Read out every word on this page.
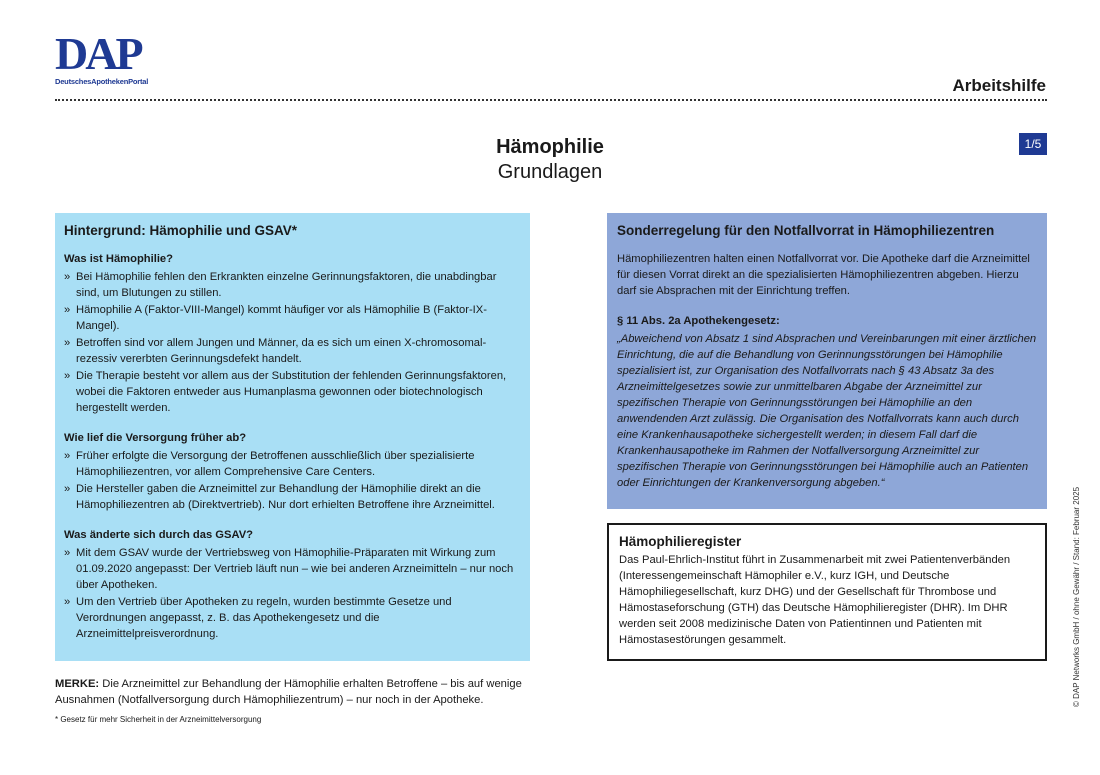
DAP
DeutschesApothekenPortal	Arbeitshilfe
Hämophilie
Grundlagen
1/5
Hintergrund: Hämophilie und GSAV*
Was ist Hämophilie?
» Bei Hämophilie fehlen den Erkrankten einzelne Gerinnungsfaktoren, die unabdingbar sind, um Blutungen zu stillen.
» Hämophilie A (Faktor-VIII-Mangel) kommt häufiger vor als Hämophilie B (Faktor-IX-Mangel).
» Betroffen sind vor allem Jungen und Männer, da es sich um einen X-chromosomal-rezessiv vererbten Gerinnungsdefekt handelt.
» Die Therapie besteht vor allem aus der Substitution der fehlenden Gerinnungsfaktoren, wobei die Faktoren entweder aus Humanplasma gewonnen oder biotechnologisch hergestellt werden.
Wie lief die Versorgung früher ab?
» Früher erfolgte die Versorgung der Betroffenen ausschließlich über spezialisierte Hämophiliezentren, vor allem Comprehensive Care Centers.
» Die Hersteller gaben die Arzneimittel zur Behandlung der Hämophilie direkt an die Hämophiliezentren ab (Direktvertrieb). Nur dort erhielten Betroffene ihre Arzneimittel.
Was änderte sich durch das GSAV?
» Mit dem GSAV wurde der Vertriebsweg von Hämophilie-Präparaten mit Wirkung zum 01.09.2020 angepasst: Der Vertrieb läuft nun – wie bei anderen Arzneimitteln – nur noch über Apotheken.
» Um den Vertrieb über Apotheken zu regeln, wurden bestimmte Gesetze und Verordnungen angepasst, z. B. das Apothekengesetz und die Arzneimittelpreisverordnung.
Sonderregelung für den Notfallvorrat in Hämophiliezentren
Hämophiliezentren halten einen Notfallvorrat vor. Die Apotheke darf die Arzneimittel für diesen Vorrat direkt an die spezialisierten Hämophiliezentren abgeben. Hierzu darf sie Absprachen mit der Einrichtung treffen.
§ 11 Abs. 2a Apothekengesetz:
„Abweichend von Absatz 1 sind Absprachen und Vereinbarungen mit einer ärztlichen Einrichtung, die auf die Behandlung von Gerinnungsstörungen bei Hämophilie spezialisiert ist, zur Organisation des Notfallvorrats nach § 43 Absatz 3a des Arzneimittelgesetzes sowie zur unmittelbaren Abgabe der Arzneimittel zur spezifischen Therapie von Gerinnungsstörungen bei Hämophilie an den anwendenden Arzt zulässig. Die Organisation des Notfallvorrats kann auch durch eine Krankenhausapotheke sichergestellt werden; in diesem Fall darf die Krankenhausapotheke im Rahmen der Notfallversorgung Arzneimittel zur spezifischen Therapie von Gerinnungsstörungen bei Hämophilie auch an Patienten oder Einrichtungen der Krankenversorgung abgeben.“
Hämophilieregister
Das Paul-Ehrlich-Institut führt in Zusammenarbeit mit zwei Patientenverbänden (Interessengemeinschaft Hämophiler e.V., kurz IGH, und Deutsche Hämophiliegesellschaft, kurz DHG) und der Gesellschaft für Thrombose und Hämostaseforschung (GTH) das Deutsche Hämophilieregister (DHR). Im DHR werden seit 2008 medizinische Daten von Patientinnen und Patienten mit Hämostasestörungen gesammelt.
MERKE: Die Arzneimittel zur Behandlung der Hämophilie erhalten Betroffene – bis auf wenige Ausnahmen (Notfallversorgung durch Hämophiliezentrum) – nur noch in der Apotheke.
* Gesetz für mehr Sicherheit in der Arzneimittelversorgung
© DAP Networks GmbH / ohne Gewähr / Stand: Februar 2025
